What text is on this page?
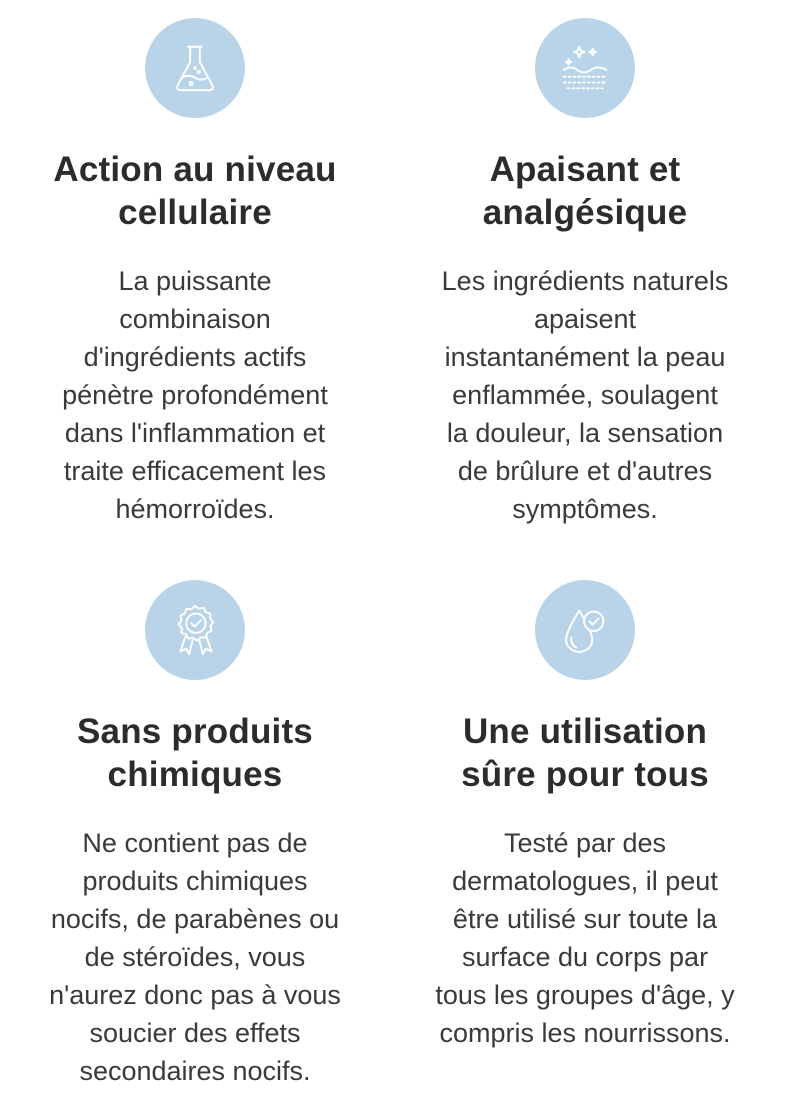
Action au niveau
cellulaire
La puissante
combinaison
d'ingrédients actifs
pénètre profondément
dans l'inflammation et
traite efficacement les
hémorroïdes.
Apaisant et
analgésique
Les ingrédients naturels
apaisent
instantanément la peau
enflammée, soulagent
la douleur, la sensation
de brûlure et d'autres
symptômes.
Sans produits
chimiques
Ne contient pas de
produits chimiques
nocifs, de parabènes ou
de stéroïdes, vous
n'aurez donc pas à vous
soucier des effets
secondaires nocifs.
Une utilisation
sûre pour tous
Testé par des
dermatologues, il peut
être utilisé sur toute la
surface du corps par
tous les groupes d'âge, y
compris les nourrissons.
